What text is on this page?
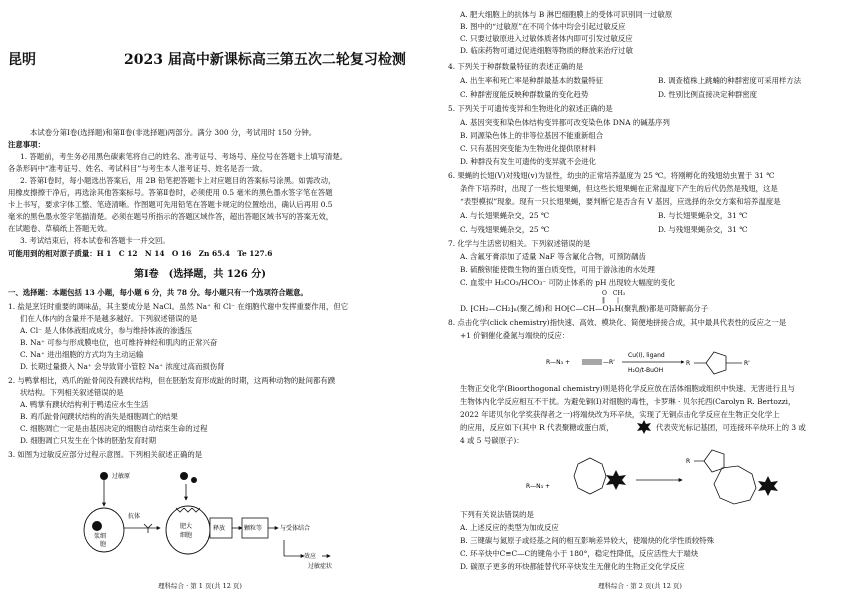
昆明	2023 届高中新课标高三第五次二轮复习检测
本试卷分第Ⅰ卷(选择题)和第Ⅱ卷(非选择题)两部分。满分 300 分，考试用时 150 分钟。
注意事项：
1. 答题前，考生务必用黑色碳素笔将自己的姓名、准考证号、考场号、座位号在答题卡上填写清楚。
各条形码中“准考证号、姓名、考试科目”与考生本人准考证号、姓名是否一致。
2. 答第Ⅰ卷时，每小题选出答案后，用 2B 铅笔把答题卡上对应题目的答案标号涂黑。如需改动，
用橡皮擦擦干净后，再选涂其他答案标号。答第Ⅱ卷时，必须使用 0.5 毫米的黑色墨水签字笔在答题
卡上书写，要求字体工整、笔迹清晰。作图题可先用铅笔在答题卡规定的位置绘出，确认后再用 0.5
毫米的黑色墨水签字笔描清楚。必须在题号所指示的答题区域作答，超出答题区域书写的答案无效，
在试题卷、草稿纸上答题无效。
3. 考试结束后，将本试卷和答题卡一并交回。
可能用到的相对原子质量：H 1　C 12　N 14　O 16　Zn 65.4　Te 127.6
第Ⅰ卷　(选择题，共 126 分)
一、选择题：本题包括 13 小题，每小题 6 分，共 78 分。每小题只有一个选项符合题意。
1. 盐是烹饪时重要的调味品，其主要成分是 NaCl。虽然 Na⁺ 和 Cl⁻ 在细胞代谢中发挥重要作用，但它
们在人体内的含量并不是越多越好。下列叙述错误的是
A. Cl⁻ 是人体体液组成成分，参与维持体液的渗透压
B. Na⁺ 可参与形成膜电位，也可维持神经和肌肉的正常兴奋
C. Na⁺ 进出细胞的方式均为主动运输
D. 长期过量摄入 Na⁺ 会导致肾小管腔 Na⁺ 浓度过高而损伤肾
2. 与鸭掌相比，鸡爪的趾骨间没有蹼状结构，但在胚胎发育形成趾的时期，这两种动物的趾间都有蹼
状结构。下列相关叙述错误的是
A. 鸭掌有蹼状结构利于鸭适应水生生活
B. 鸡爪趾骨间蹼状结构的消失是细胞凋亡的结果
C. 细胞凋亡一定是由基因决定的细胞自动结束生命的过程
D. 细胞凋亡只发生在个体的胚胎发育时期
3. 如图为过敏反应部分过程示意图。下列相关叙述正确的是
过敏原
浆细
胞
抗体
肥大
细胞
释放	颗粒等	与受体结合
效应
过敏症状
理科综合 · 第 1 页(共 12 页)
A. 肥大细胞上的抗体与 B 淋巴细胞膜上的受体可识别同一过敏原
B. 图中的“过敏原”在不同个体中均会引起过敏反应
C. 只要过敏原进入过敏体质者体内即可引发过敏反应
D. 临床药物可通过促进细胞等物质的释放来治疗过敏
4. 下列关于种群数量特征的表述正确的是
A. 出生率和死亡率是种群最基本的数量特征	B. 调查植株上跳蝻的种群密度可采用样方法
C. 种群密度能反映种群数量的变化趋势	D. 性别比例直接决定种群密度
5. 下列关于可遗传变异和生物进化的叙述正确的是
A. 基因突变和染色体结构变异都可改变染色体 DNA 的碱基序列
B. 同源染色体上的非等位基因不能重新组合
C. 只有基因突变能为生物进化提供原材料
D. 种群没有发生可遗传的变异就不会进化
6. 果蝇的长翅(V)对残翅(v)为显性，幼虫的正常培养温度为 25 ℃。将刚孵化的残翅幼虫置于 31 ℃
条件下培养时，出现了一些长翅果蝇，但这些长翅果蝇在正常温度下产生的后代仍然是残翅，这是
“表型模拟”现象。现有一只长翅果蝇，要判断它是否含有 V 基因，应选择的杂交方案和培养温度是
A. 与长翅果蝇杂交，25 ℃	B. 与长翅果蝇杂交，31 ℃
C. 与残翅果蝇杂交，25 ℃	D. 与残翅果蝇杂交，31 ℃
7. 化学与生活密切相关。下列叙述错误的是
A. 含氟牙膏添加了适量 NaF 等含氟化合物，可预防龋齿
B. 硫酸钡能使微生物的蛋白质变性，可用于游泳池的水处理
C. 血浆中 H₂CO₃/HCO₃⁻ 可防止体系的 pH 出现较大幅度的变化
O　CH₃
‖　　|
D. ⁅CH₂—CH₂⁆ₙ(聚乙烯)和 HO⁅C—CH—O⁆ₙH(聚乳酸)都是可降解高分子
8. 点击化学(click chemistry)指快速、高效、模块化、简便地拼接合成，其中最具代表性的反应之一是
+1 价铜催化叠氮与端炔的反应：
R—N₃ +	—R'
Cu(Ⅰ), ligand
H₂O/t-BuOH
R	R'
生物正交化学(Bioorthogonal chemistry)则是将化学反应放在活体细胞或组织中快速、无害进行且与
生物体内化学反应相互不干扰。为避免铜(Ⅰ)对细胞的毒性，卡罗琳 · 贝尔托西(Carolyn R. Bertozzi，
2022 年诺贝尔化学奖获得者之一)将端炔改为环辛炔，实现了无铜点击化学反应在生物正交化学上
的应用，反应如下(其中 R 代表聚糖或蛋白质，	代表荧光标记基团，可连接环辛炔环上的 3 或
4 或 5 号碳原子)：
R—N₃ +
R
下列有关说法错误的是
A. 上述反应的类型为加成反应
B. 三键碳与氮原子或烃基之间的相互影响差异较大，使端炔的化学性质较特殊
C. 环辛炔中C≡C—C的键角小于 180°，稳定性降低，反应活性大于端炔
D. 碳原子更多的环炔都能替代环辛炔发生无催化的生物正交化学反应
理科综合 · 第 2 页(共 12 页)
